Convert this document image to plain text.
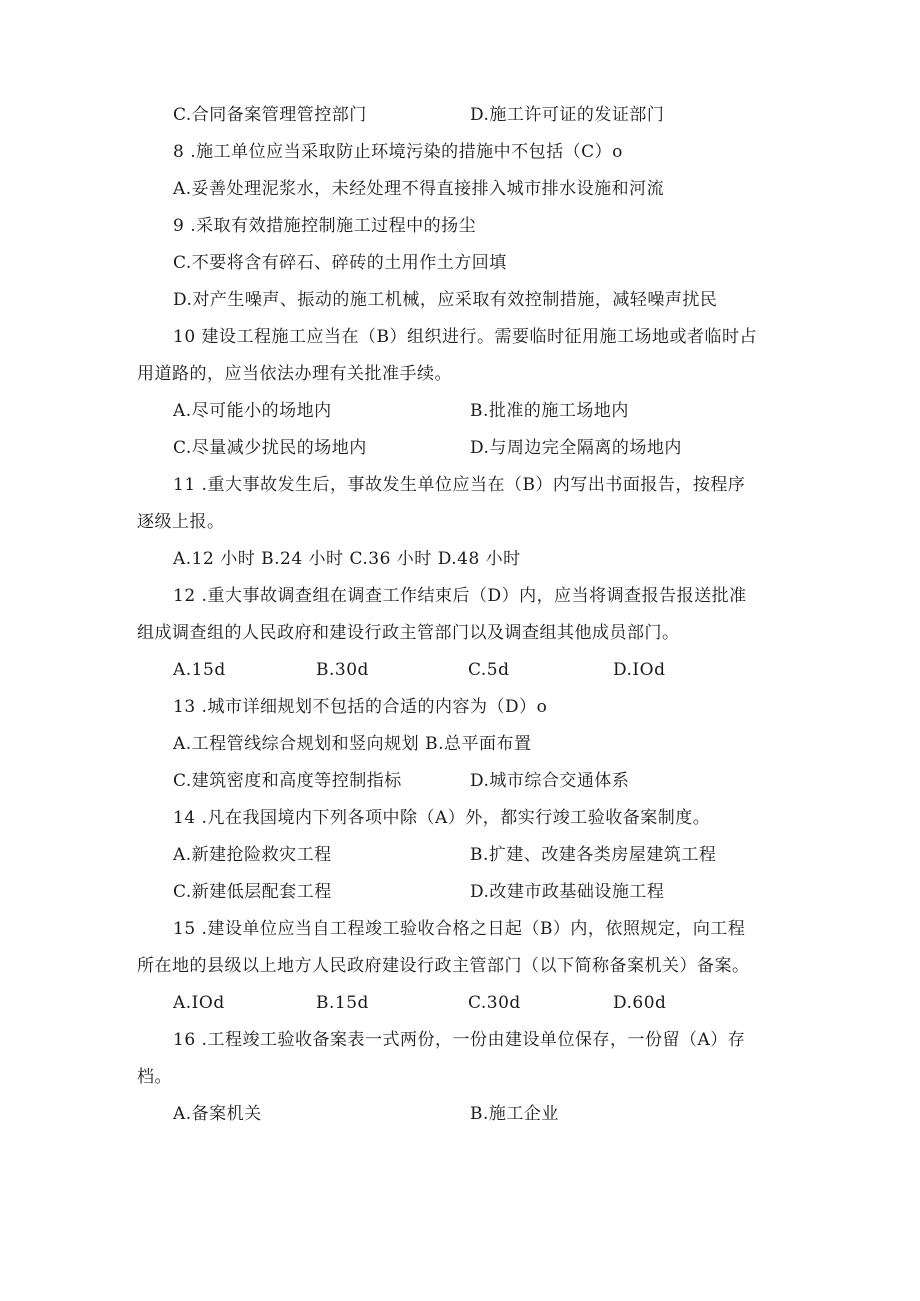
C.合同备案管理管控部门	D.施工许可证的发证部门
8 .施工单位应当采取防止环境污染的措施中不包括（C）o
A.妥善处理泥浆水，未经处理不得直接排入城市排水设施和河流
9 .采取有效措施控制施工过程中的扬尘
C.不要将含有碎石、碎砖的土用作土方回填
D.对产生噪声、振动的施工机械，应采取有效控制措施，减轻噪声扰民
10 建设工程施工应当在（B）组织进行。需要临时征用施工场地或者临时占
用道路的，应当依法办理有关批准手续。
A.尽可能小的场地内	B.批准的施工场地内
C.尽量减少扰民的场地内	D.与周边完全隔离的场地内
11 .重大事故发生后，事故发生单位应当在（B）内写出书面报告，按程序
逐级上报。
A.12 小时 B.24 小时 C.36 小时 D.48 小时
12 .重大事故调查组在调查工作结束后（D）内，应当将调查报告报送批准
组成调查组的人民政府和建设行政主管部门以及调查组其他成员部门。
A.15d	B.30d	C.5d	D.IOd
13 .城市详细规划不包括的合适的内容为（D）o
A.工程管线综合规划和竖向规划 B.总平面布置
C.建筑密度和高度等控制指标	D.城市综合交通体系
14 .凡在我国境内下列各项中除（A）外，都实行竣工验收备案制度。
A.新建抢险救灾工程	B.扩建、改建各类房屋建筑工程
C.新建低层配套工程	D.改建市政基础设施工程
15 .建设单位应当自工程竣工验收合格之日起（B）内，依照规定，向工程
所在地的县级以上地方人民政府建设行政主管部门（以下简称备案机关）备案。
A.IOd	B.15d	C.30d	D.60d
16 .工程竣工验收备案表一式两份，一份由建设单位保存，一份留（A）存
档。
A.备案机关	B.施工企业
